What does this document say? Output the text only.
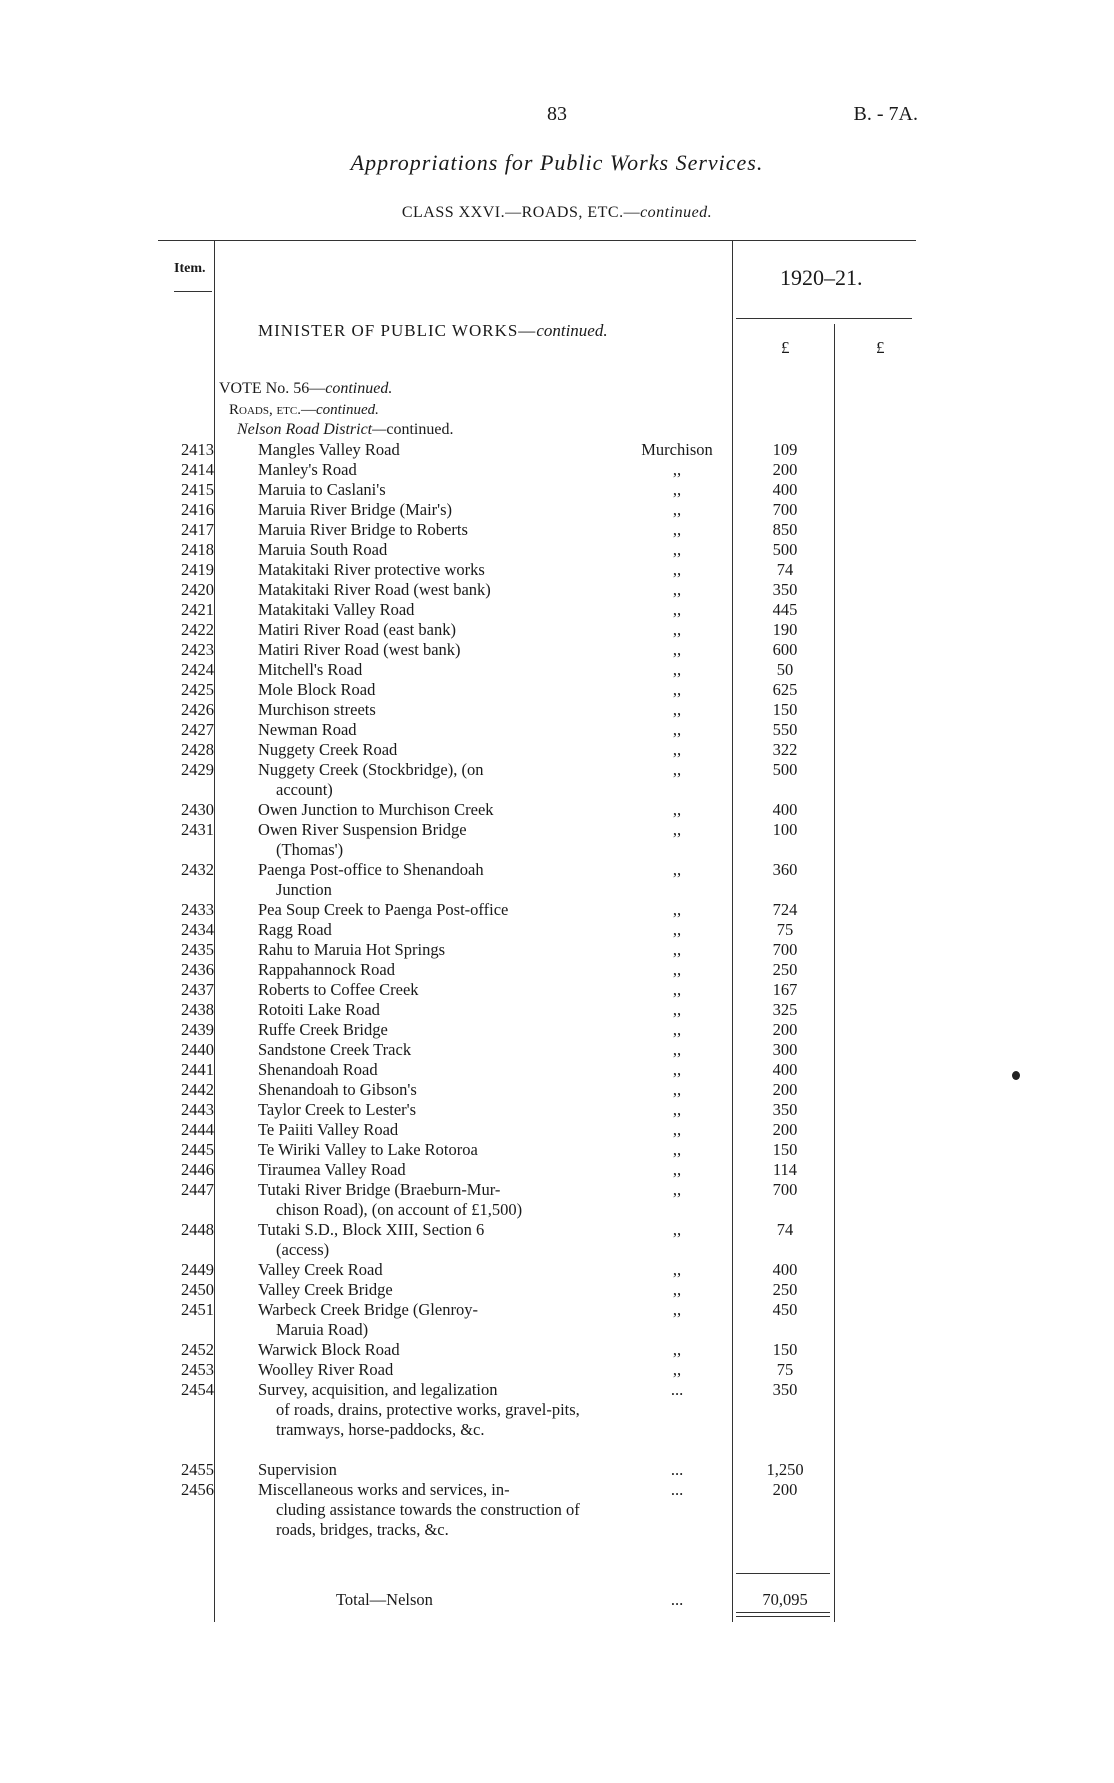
83	B. - 7A.
Appropriations for Public Works Services.
CLASS XXVI.—ROADS, ETC.—continued.
Item.	1920–21.
£	£
MINISTER OF PUBLIC WORKS—continued.
VOTE No. 56—continued.
Roads, etc.—continued.
Nelson Road District—continued.
2413	Mangles Valley Road	Murchison	109
2414	Manley's Road	,,	200
2415	Maruia to Caslani's	,,	400
2416	Maruia River Bridge (Mair's)	,,	700
2417	Maruia River Bridge to Roberts	,,	850
2418	Maruia South Road	,,	500
2419	Matakitaki River protective works	,,	74
2420	Matakitaki River Road (west bank)	,,	350
2421	Matakitaki Valley Road	,,	445
2422	Matiri River Road (east bank)	,,	190
2423	Matiri River Road (west bank)	,,	600
2424	Mitchell's Road	,,	50
2425	Mole Block Road	,,	625
2426	Murchison streets	,,	150
2427	Newman Road	,,	550
2428	Nuggety Creek Road	,,	322
2429	Nuggety Creek (Stockbridge), (on
account)
,,	500
2430	Owen Junction to Murchison Creek	,,	400
2431	Owen River Suspension Bridge
(Thomas')
,,	100
2432	Paenga Post-office to Shenandoah
Junction
,,	360
2433	Pea Soup Creek to Paenga Post-office	,,	724
2434	Ragg Road	,,	75
2435	Rahu to Maruia Hot Springs	,,	700
2436	Rappahannock Road	,,	250
2437	Roberts to Coffee Creek	,,	167
2438	Rotoiti Lake Road	,,	325
2439	Ruffe Creek Bridge	,,	200
2440	Sandstone Creek Track	,,	300
2441	Shenandoah Road	,,	400
2442	Shenandoah to Gibson's	,,	200
2443	Taylor Creek to Lester's	,,	350
2444	Te Paiiti Valley Road	,,	200
2445	Te Wiriki Valley to Lake Rotoroa	,,	150
2446	Tiraumea Valley Road	,,	114
2447	Tutaki River Bridge (Braeburn-Mur-
chison Road), (on account of £1,500)
,,	700
2448	Tutaki S.D., Block XIII, Section 6
(access)
,,	74
2449	Valley Creek Road	,,	400
2450	Valley Creek Bridge	,,	250
2451	Warbeck Creek Bridge (Glenroy-
Maruia Road)
,,	450
2452	Warwick Block Road	,,	150
2453	Woolley River Road	,,	75
2454	Survey, acquisition, and legalization
of roads, drains, protective works, gravel-pits, tramways, horse-paddocks, &c.
...	350
2455	Supervision	...	1,250
2456	Miscellaneous works and services, in-
cluding assistance towards the construction of roads, bridges, tracks, &c.
...	200
Total—Nelson	...	70,095
